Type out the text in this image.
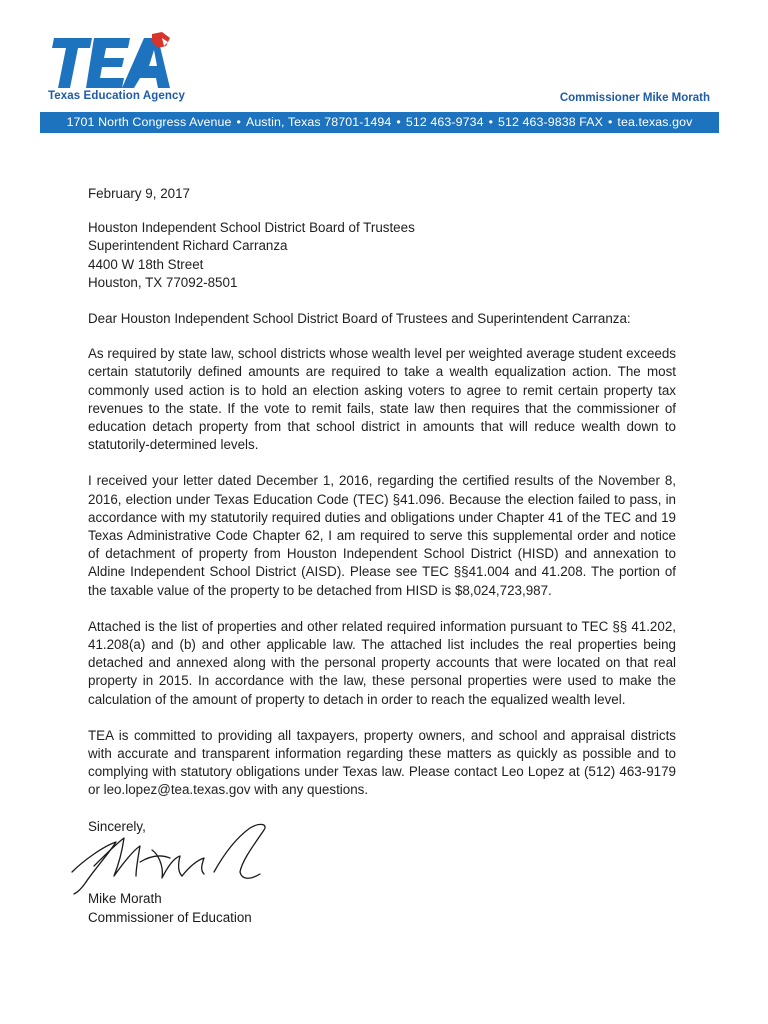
Texas Education Agency	Commissioner Mike Morath
1701 North Congress Avenue • Austin, Texas 78701-1494 • 512 463-9734 • 512 463-9838 FAX • tea.texas.gov

February 9, 2017

Houston Independent School District Board of Trustees
Superintendent Richard Carranza
4400 W 18th Street
Houston, TX 77092-8501

Dear Houston Independent School District Board of Trustees and Superintendent Carranza:

As required by state law, school districts whose wealth level per weighted average student exceeds certain statutorily defined amounts are required to take a wealth equalization action. The most commonly used action is to hold an election asking voters to agree to remit certain property tax revenues to the state. If the vote to remit fails, state law then requires that the commissioner of education detach property from that school district in amounts that will reduce wealth down to statutorily-determined levels.

I received your letter dated December 1, 2016, regarding the certified results of the November 8, 2016, election under Texas Education Code (TEC) §41.096. Because the election failed to pass, in accordance with my statutorily required duties and obligations under Chapter 41 of the TEC and 19 Texas Administrative Code Chapter 62, I am required to serve this supplemental order and notice of detachment of property from Houston Independent School District (HISD) and annexation to Aldine Independent School District (AISD). Please see TEC §§41.004 and 41.208. The portion of the taxable value of the property to be detached from HISD is $8,024,723,987.

Attached is the list of properties and other related required information pursuant to TEC §§ 41.202, 41.208(a) and (b) and other applicable law. The attached list includes the real properties being detached and annexed along with the personal property accounts that were located on that real property in 2015. In accordance with the law, these personal properties were used to make the calculation of the amount of property to detach in order to reach the equalized wealth level.

TEA is committed to providing all taxpayers, property owners, and school and appraisal districts with accurate and transparent information regarding these matters as quickly as possible and to complying with statutory obligations under Texas law. Please contact Leo Lopez at (512) 463-9179 or leo.lopez@tea.texas.gov with any questions.

Sincerely,
Mike Morath
Commissioner of Education
